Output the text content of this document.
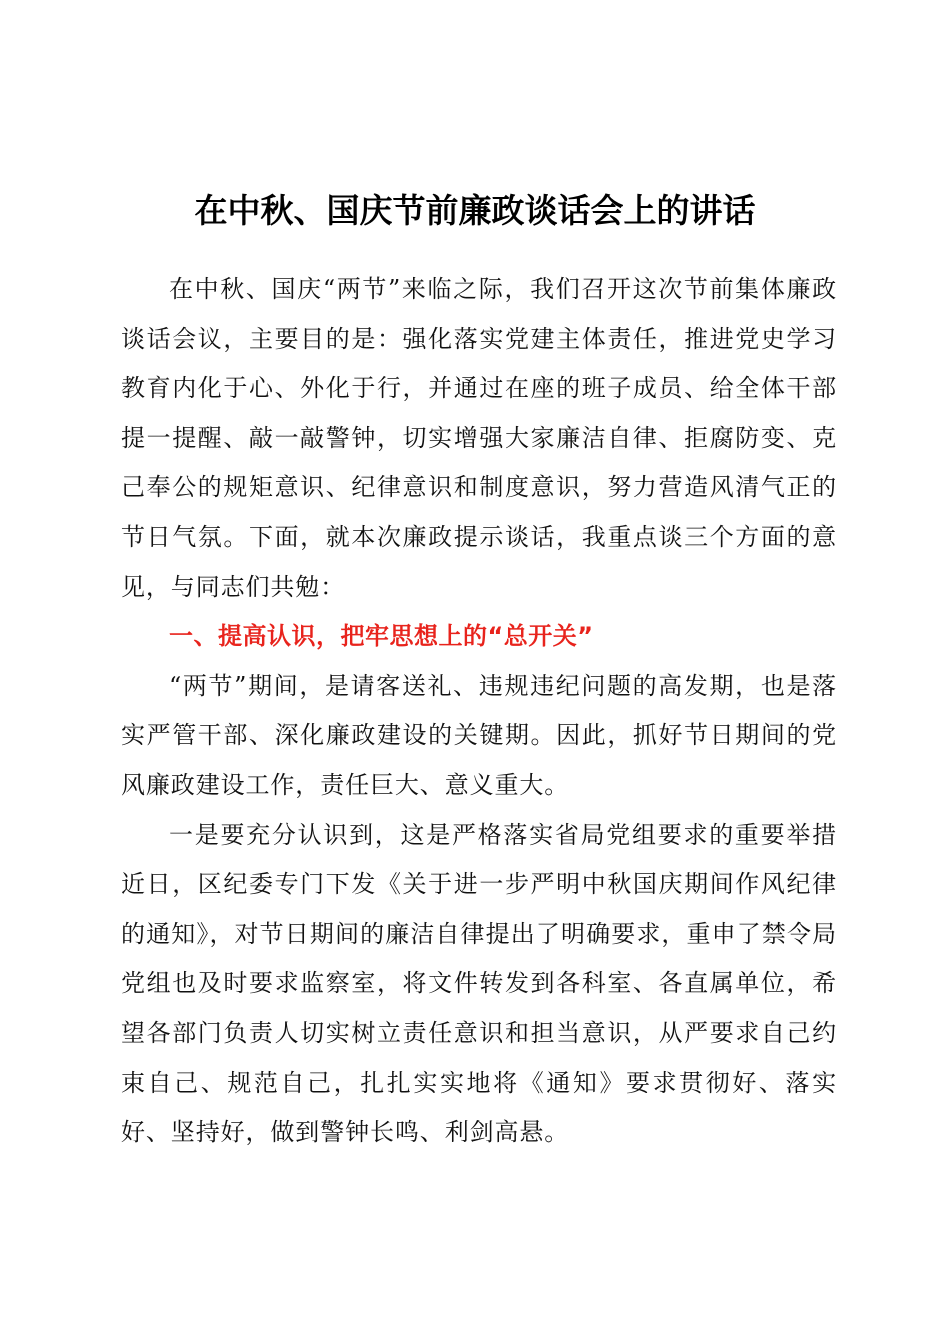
在中秋、国庆节前廉政谈话会上的讲话

在中秋、国庆“两节”来临之际，我们召开这次节前集体廉政谈话会议，主要目的是：强化落实党建主体责任，推进党史学习教育内化于心、外化于行，并通过在座的班子成员、给全体干部提一提醒、敲一敲警钟，切实增强大家廉洁自律、拒腐防变、克己奉公的规矩意识、纪律意识和制度意识，努力营造风清气正的节日气氛。下面，就本次廉政提示谈话，我重点谈三个方面的意见，与同志们共勉：

一、提高认识，把牢思想上的“总开关”

“两节”期间，是请客送礼、违规违纪问题的高发期，也是落实严管干部、深化廉政建设的关键期。因此，抓好节日期间的党风廉政建设工作，责任巨大、意义重大。

一是要充分认识到，这是严格落实省局党组要求的重要举措近日，区纪委专门下发《关于进一步严明中秋国庆期间作风纪律的通知》，对节日期间的廉洁自律提出了明确要求，重申了禁令局党组也及时要求监察室，将文件转发到各科室、各直属单位，希望各部门负责人切实树立责任意识和担当意识，从严要求自己约束自己、规范自己，扎扎实实地将《通知》要求贯彻好、落实好、坚持好，做到警钟长鸣、利剑高悬。
